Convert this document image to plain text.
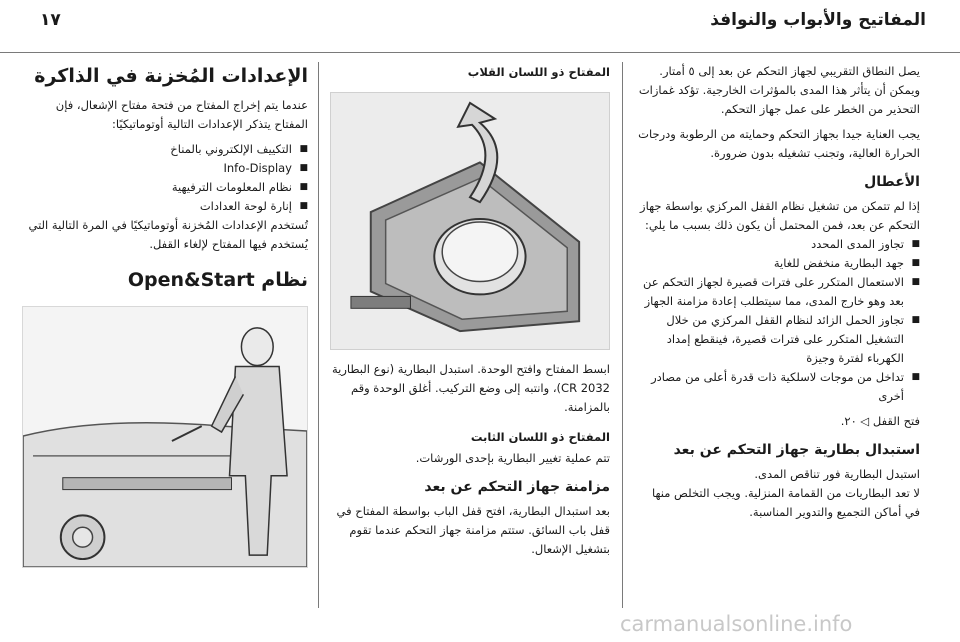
المفاتيح والأبواب والنوافذ
١٧

يصل النطاق التقريبي لجهاز التحكم عن بعد إلى ٥ أمتار. ويمكن أن يتأثر هذا المدى بالمؤثرات الخارجية. تؤكد غمازات التحذير من الخطر على عمل جهاز التحكم.

يجب العناية جيدا بجهاز التحكم وحمايته من الرطوبة ودرجات الحرارة العالية، وتجنب تشغيله بدون ضرورة.

الأعطال

إذا لم تتمكن من تشغيل نظام القفل المركزي بواسطة جهاز التحكم عن بعد، فمن المحتمل أن يكون ذلك بسبب ما يلي:

■ تجاوز المدى المحدد
■ جهد البطارية منخفض للغاية
■ الاستعمال المتكرر على فترات قصيرة لجهاز التحكم عن بعد وهو خارج المدى، مما سيتطلب إعادة مزامنة الجهاز
■ تجاوز الحمل الزائد لنظام القفل المركزي من خلال التشغيل المتكرر على فترات قصيرة، فينقطع إمداد الكهرباء لفترة وجيزة
■ تداخل من موجات لاسلكية ذات قدرة أعلى من مصادر أخرى

فتح القفل ◁ ٢٠.

استبدال بطارية جهاز التحكم عن بعد

استبدل البطارية فور تناقص المدى.

لا تعد البطاريات من القمامة المنزلية. ويجب التخلص منها في أماكن التجميع والتدوير المناسبة.

المفتاح ذو اللسان القلاب

ابسط المفتاح وافتح الوحدة. استبدل البطارية (نوع البطارية CR 2032)، وانتبه إلى وضع التركيب. أغلق الوحدة وقم بالمزامنة.

المفتاح ذو اللسان الثابت

تتم عملية تغيير البطارية بإحدى الورشات.

مزامنة جهاز التحكم عن بعد

بعد استبدال البطارية، افتح قفل الباب بواسطة المفتاح في قفل باب السائق. ستتم مزامنة جهاز التحكم عندما تقوم بتشغيل الإشعال.

الإعدادات المُخزنة في الذاكرة

عندما يتم إخراج المفتاح من فتحة مفتاح الإشعال، فإن المفتاح يتذكر الإعدادات التالية أوتوماتيكيًا:

■ التكييف الإلكتروني بالمناخ
■ Info-Display
■ نظام المعلومات الترفيهية
■ إنارة لوحة العدادات

تُستخدم الإعدادات المُخزنة أوتوماتيكيًا في المرة التالية التي يُستخدم فيها المفتاح لإلغاء القفل.

نظام Open&Start
carmanualsonline.info
